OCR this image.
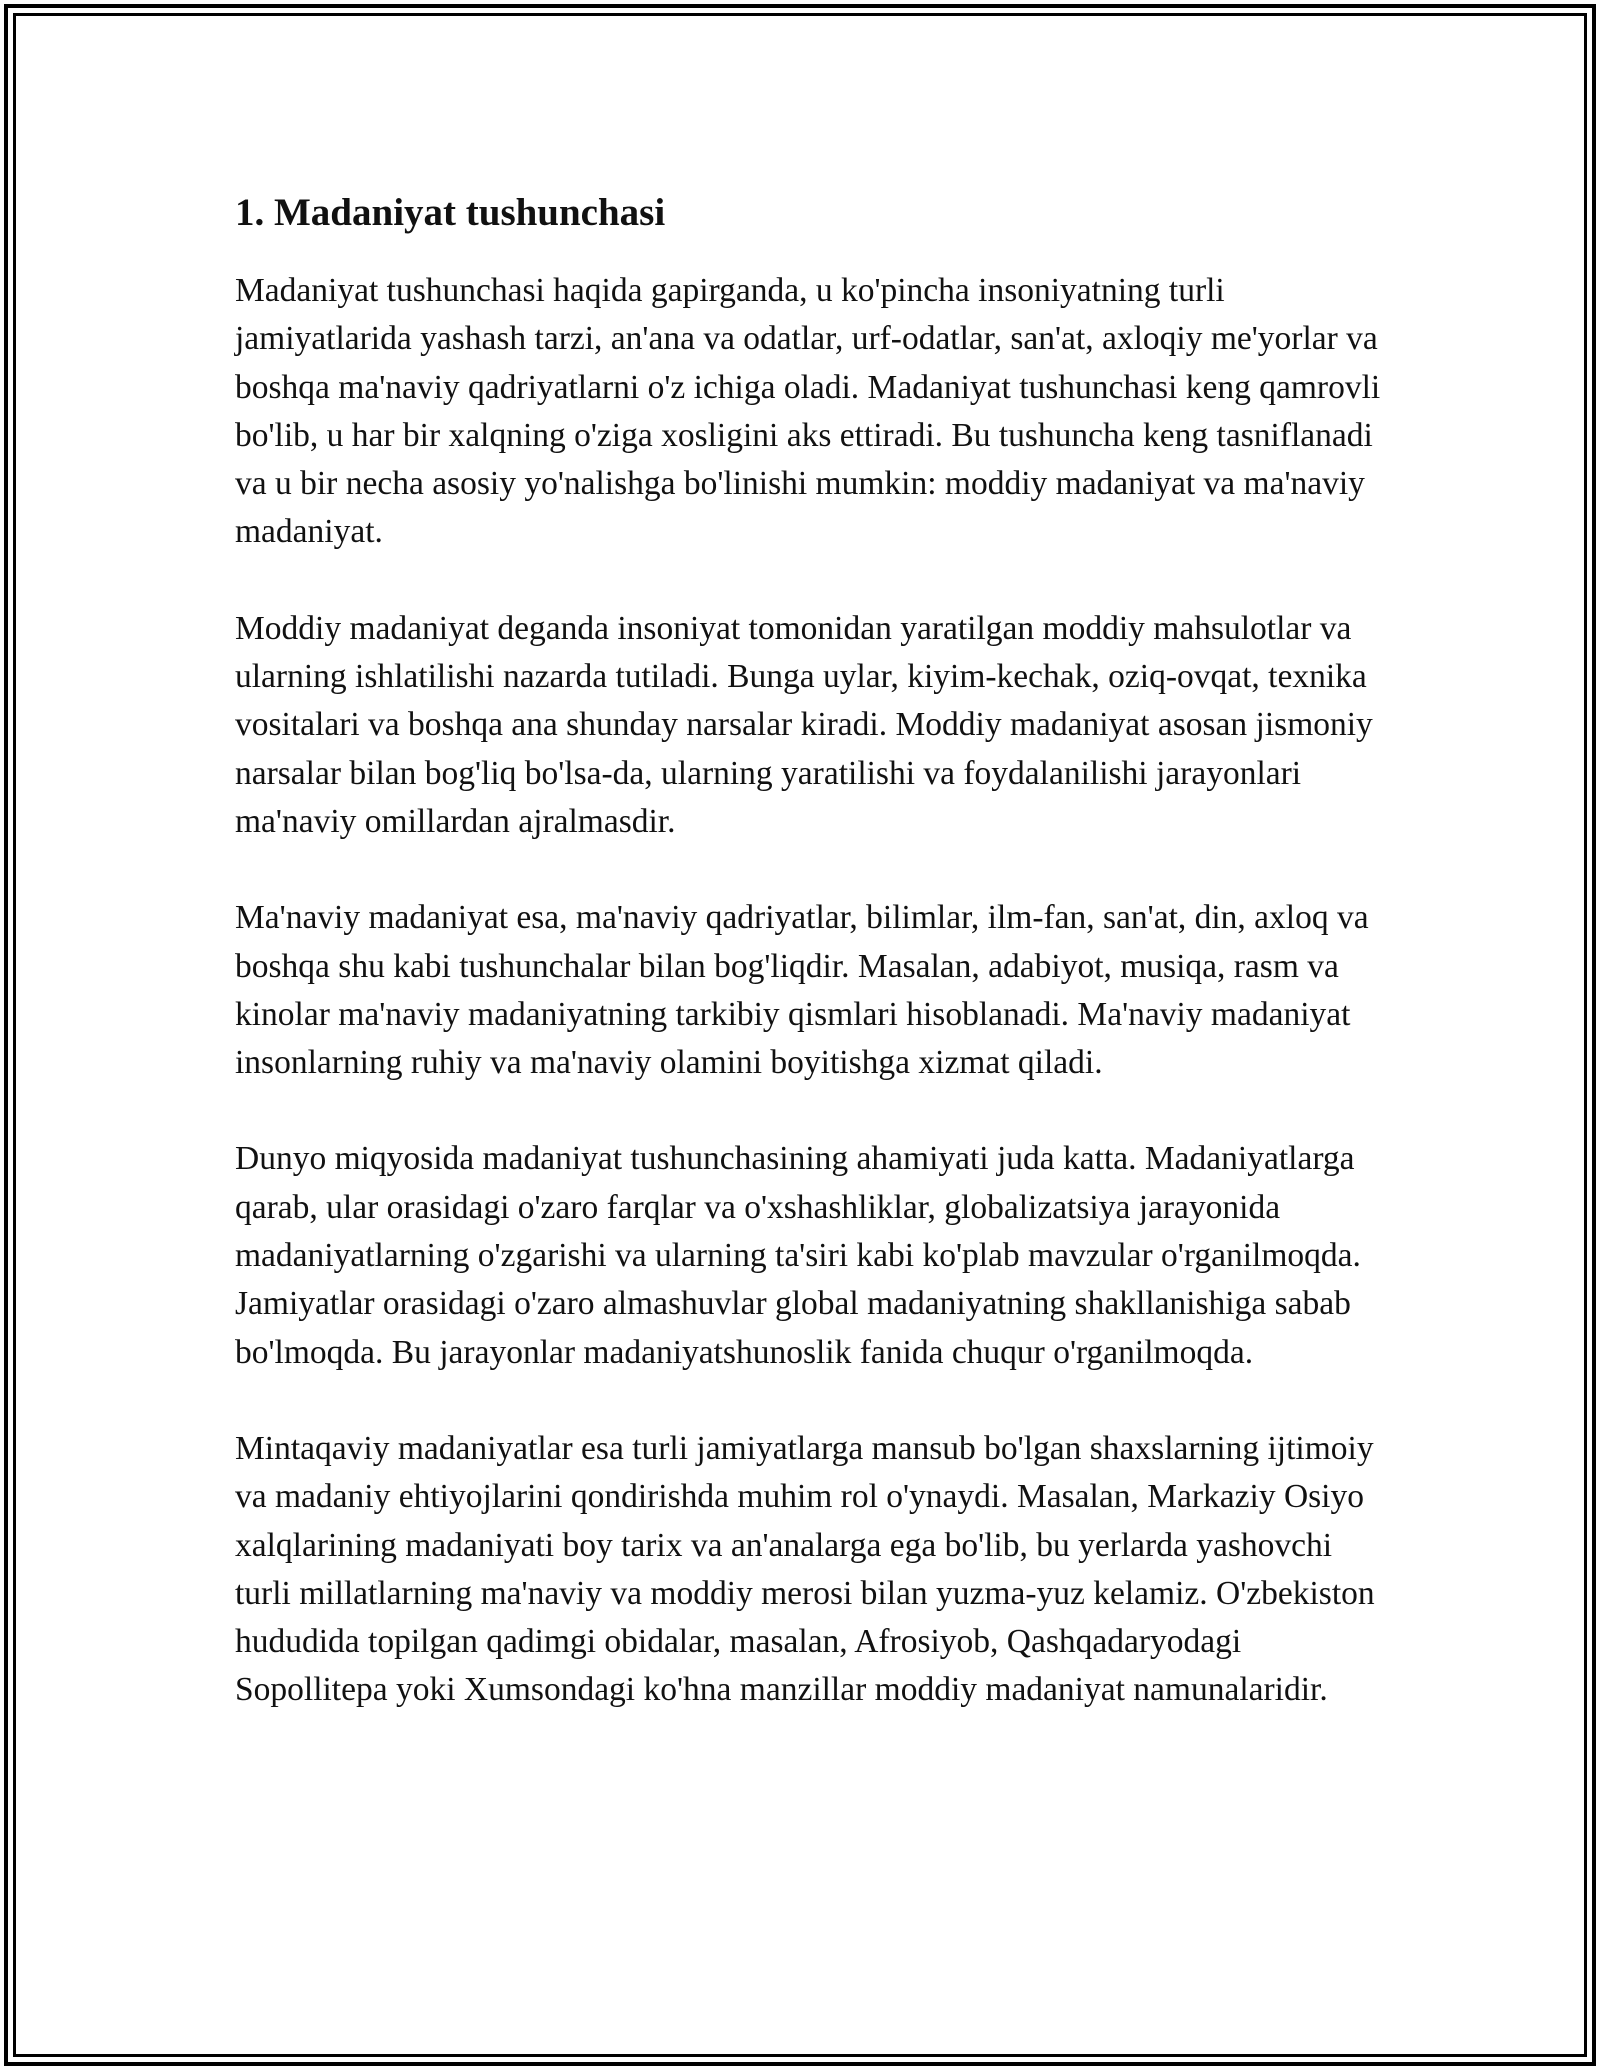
1. Madaniyat tushunchasi

Madaniyat tushunchasi haqida gapirganda, u ko'pincha insoniyatning turli jamiyatlarida yashash tarzi, an'ana va odatlar, urf-odatlar, san'at, axloqiy me'yorlar va boshqa ma'naviy qadriyatlarni o'z ichiga oladi. Madaniyat tushunchasi keng qamrovli bo'lib, u har bir xalqning o'ziga xosligini aks ettiradi. Bu tushuncha keng tasniflanadi va u bir necha asosiy yo'nalishga bo'linishi mumkin: moddiy madaniyat va ma'naviy madaniyat.

Moddiy madaniyat deganda insoniyat tomonidan yaratilgan moddiy mahsulotlar va ularning ishlatilishi nazarda tutiladi. Bunga uylar, kiyim-kechak, oziq-ovqat, texnika vositalari va boshqa ana shunday narsalar kiradi. Moddiy madaniyat asosan jismoniy narsalar bilan bog'liq bo'lsa-da, ularning yaratilishi va foydalanilishi jarayonlari ma'naviy omillardan ajralmasdir.

Ma'naviy madaniyat esa, ma'naviy qadriyatlar, bilimlar, ilm-fan, san'at, din, axloq va boshqa shu kabi tushunchalar bilan bog'liqdir. Masalan, adabiyot, musiqa, rasm va kinolar ma'naviy madaniyatning tarkibiy qismlari hisoblanadi. Ma'naviy madaniyat insonlarning ruhiy va ma'naviy olamini boyitishga xizmat qiladi.

Dunyo miqyosida madaniyat tushunchasining ahamiyati juda katta. Madaniyatlarga qarab, ular orasidagi o'zaro farqlar va o'xshashliklar, globalizatsiya jarayonida madaniyatlarning o'zgarishi va ularning ta'siri kabi ko'plab mavzular o'rganilmoqda. Jamiyatlar orasidagi o'zaro almashuvlar global madaniyatning shakllanishiga sabab bo'lmoqda. Bu jarayonlar madaniyatshunoslik fanida chuqur o'rganilmoqda.

Mintaqaviy madaniyatlar esa turli jamiyatlarga mansub bo'lgan shaxslarning ijtimoiy va madaniy ehtiyojlarini qondirishda muhim rol o'ynaydi. Masalan, Markaziy Osiyo xalqlarining madaniyati boy tarix va an'analarga ega bo'lib, bu yerlarda yashovchi turli millatlarning ma'naviy va moddiy merosi bilan yuzma-yuz kelamiz. O'zbekiston hududida topilgan qadimgi obidalar, masalan, Afrosiyob, Qashqadaryodagi Sopollitepa yoki Xumsondagi ko'hna manzillar moddiy madaniyat namunalaridir.
